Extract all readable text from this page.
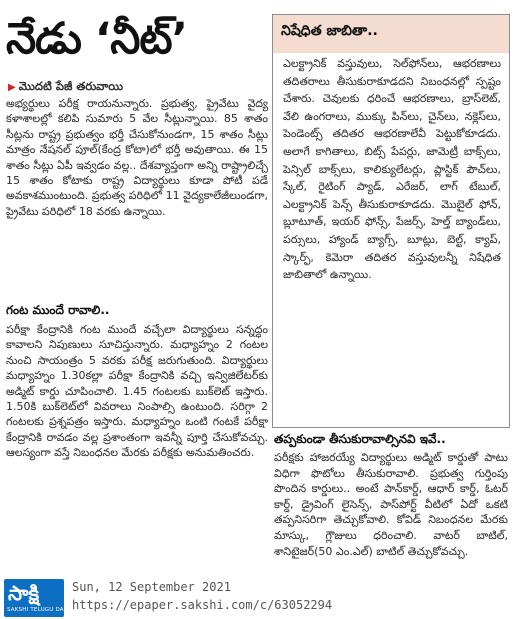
నేడు ‘నీట్‌’
▶ మొదటి పేజీ తరువాయి

అభ్యర్థులు పరీక్ష రాయనున్నారు. ప్రభుత్వ, ప్రైవేటు వైద్య కళాశాలల్లో కలిపి సుమారు 5 వేల సీట్లున్నాయి. 85 శాతం సీట్లను రాష్ట్ర ప్రభుత్వం భర్తీ చేసుకోనుండగా, 15 శాతం సీట్లు మాత్రం నేషనల్‌ పూల్‌(కేంద్ర కోటా)లో భర్తీ అవుతాయి. ఈ 15 శాతం సీట్లు ఏపీ ఇవ్వడం వల్ల.. దేశవ్యాప్తంగా అన్ని రాష్ట్రాలిచ్చే 15 శాతం కోటాకు రాష్ట్ర విద్యార్థులు కూడా పోటీ పడే అవకాశముంటుంది. ప్రభుత్వ పరిధిలో 11 వైద్యకాలేజీలుండగా, ప్రైవేటు పరిధిలో 18 వరకు ఉన్నాయి.

గంట ముందే రావాలి..

పరీక్షా కేంద్రానికి గంట ముందే వచ్చేలా విద్యార్థులు సన్నద్ధం కావాలని నిపుణులు సూచిస్తున్నారు. మధ్యాహ్నం 2 గంటల నుంచి సాయంత్రం 5 వరకు పరీక్ష జరుగుతుంది. విద్యార్థులు మధ్యాహ్నం 1.30కల్లా పరీక్షా కేంద్రానికి వచ్చి ఇన్విజిలేటర్‌కు అడ్మిట్‌ కార్డు చూపించాలి. 1.45 గంటలకు బుక్‌లెట్‌ ఇస్తారు. 1.50కి బుక్‌లెట్‌లో వివరాలు నింపాల్సి ఉంటుంది. సరిగ్గా 2 గంటలకు ప్రశ్నపత్రం ఇస్తారు. మధ్యాహ్నం ఒంటి గంటకే పరీక్షా కేంద్రానికి రావడం వల్ల ప్రశాంతంగా ఇవన్నీ పూర్తి చేసుకోవచ్చు. ఆలస్యంగా వస్తే నిబంధనల మేరకు పరీక్షకు అనుమతించరు.

నిషేధిత జాబితా..

ఎలక్ట్రానిక్‌ వస్తువులు, సెల్‌ఫోన్‌లు, ఆభరణాలు తదితరాలు తీసుకురాకూడదని నిబంధనల్లో స్పష్టం చేశారు. చెవులకు ధరించే ఆభరణాలు, బ్రాస్‌లెట్‌, వేలి ఉంగరాలు, ముక్కు పిన్‌లు, చైన్‌లు, నక్లెస్‌లు, పెండెంట్స్‌ తదితర ఆభరణాలేవీ పెట్టుకోకూడదు. అలాగే కాగితాలు, బిట్స్‌ పేపర్లు, జామెట్రీ బాక్స్‌లు, పెన్సిల్‌ బాక్స్‌లు, కాలిక్యులేటర్లు, ప్లాస్టిక్‌ పౌచ్‌లు, స్కేల్‌, రైటింగ్‌ ప్యాడ్‌, ఎరేజర్‌, లాగ్‌ టేబుల్‌, ఎలక్ట్రానిక్‌ పెన్స్‌ తీసుకురాకూడదు. మొబైల్‌ ఫోన్‌, బ్లూటూత్‌, ఇయర్‌ ఫోన్స్‌, పేజర్స్‌, హెల్త్‌ బ్యాండ్‌లు, పర్సులు, హ్యాండ్‌ బ్యాగ్స్‌, బూట్లు, బెల్ట్‌, క్యాప్‌, స్కార్ఫ్‌, కెమెరా తదితర వస్తువులన్నీ నిషేధిత జాబితాలో ఉన్నాయి.

తప్పకుండా తీసుకురావాల్సినవి ఇవే..

పరీక్షకు హాజరయ్యే విద్యార్థులు అడ్మిట్‌ కార్డుతో పాటు విధిగా ఫొటోలు తీసుకురావాలి. ప్రభుత్వ గుర్తింపు పొందిన కార్డులు.. అంటే పాన్‌కార్డ్‌, ఆధార్‌ కార్డ్‌, ఓటర్‌ కార్డ్‌, డ్రైవింగ్‌ లైసెన్స్‌, పాస్‌పోర్ట్‌ వీటిలో ఏదో ఒకటి తప్పనిసరిగా తెచ్చుకోవాలి. కోవిడ్‌ నిబంధనల మేరకు మాస్కు, గ్లౌజులు ధరించాలి. వాటర్‌ బాటిల్‌, శానిటైజర్‌(50 ఎం.ఎల్‌) బాటిల్‌ తెచ్చుకోవచ్చు.

సాక్షి
SAKSHI TELUGU DAILY
Sun, 12 September 2021
https://epaper.sakshi.com/c/63052294
